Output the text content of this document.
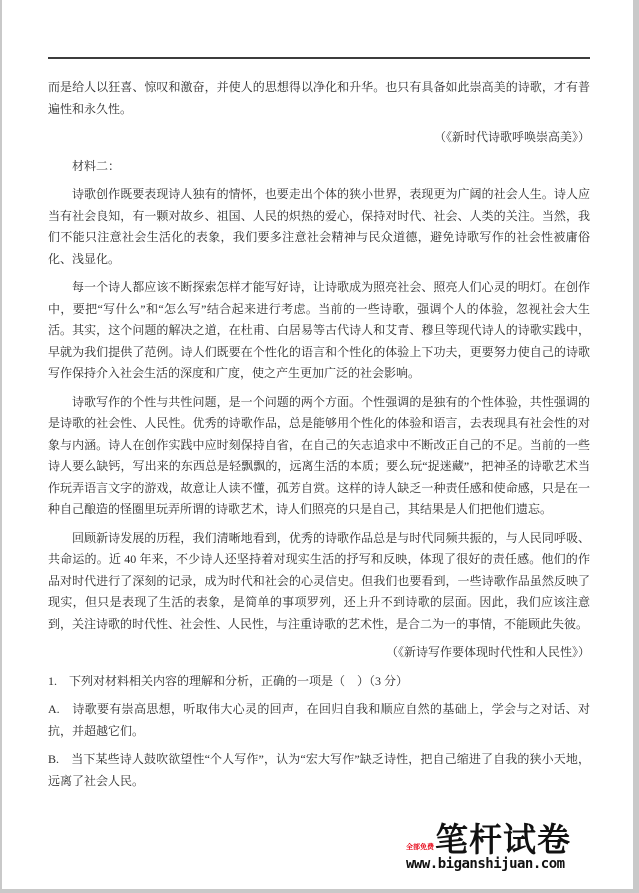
而是给人以狂喜、惊叹和激奋，并使人的思想得以净化和升华。也只有具备如此崇高美的诗歌，才有普遍性和永久性。

（《新时代诗歌呼唤崇高美》）

材料二：

诗歌创作既要表现诗人独有的情怀，也要走出个体的狭小世界，表现更为广阔的社会人生。诗人应当有社会良知，有一颗对故乡、祖国、人民的炽热的爱心，保持对时代、社会、人类的关注。当然，我们不能只注意社会生活化的表象，我们要多注意社会精神与民众道德，避免诗歌写作的社会性被庸俗化、浅显化。

每一个诗人都应该不断探索怎样才能写好诗，让诗歌成为照亮社会、照亮人们心灵的明灯。在创作中，要把“写什么”和“怎么写”结合起来进行考虑。当前的一些诗歌，强调个人的体验，忽视社会大生活。其实，这个问题的解决之道，在杜甫、白居易等古代诗人和艾青、穆旦等现代诗人的诗歌实践中，早就为我们提供了范例。诗人们既要在个性化的语言和个性化的体验上下功夫，更要努力使自己的诗歌写作保持介入社会生活的深度和广度，使之产生更加广泛的社会影响。

诗歌写作的个性与共性问题，是一个问题的两个方面。个性强调的是独有的个性体验，共性强调的是诗歌的社会性、人民性。优秀的诗歌作品，总是能够用个性化的体验和语言，去表现具有社会性的对象与内涵。诗人在创作实践中应时刻保持自省，在自己的矢志追求中不断改正自己的不足。当前的一些诗人要么缺钙，写出来的东西总是轻飘飘的，远离生活的本质；要么玩“捉迷藏”，把神圣的诗歌艺术当作玩弄语言文字的游戏，故意让人读不懂，孤芳自赏。这样的诗人缺乏一种责任感和使命感，只是在一种自己酿造的怪圈里玩弄所谓的诗歌艺术，诗人们照亮的只是自己，其结果是人们把他们遗忘。

回顾新诗发展的历程，我们清晰地看到，优秀的诗歌作品总是与时代同频共振的，与人民同呼吸、共命运的。近 40 年来，不少诗人还坚持着对现实生活的抒写和反映，体现了很好的责任感。他们的作品对时代进行了深刻的记录，成为时代和社会的心灵信史。但我们也要看到，一些诗歌作品虽然反映了现实，但只是表现了生活的表象，是简单的事项罗列，还上升不到诗歌的层面。因此，我们应该注意到，关注诗歌的时代性、社会性、人民性，与注重诗歌的艺术性，是合二为一的事情，不能顾此失彼。

（《新诗写作要体现时代性和人民性》）

1.　下列对材料相关内容的理解和分析，正确的一项是（　）（3 分）

A.　诗歌要有崇高思想，听取伟大心灵的回声，在回归自我和顺应自然的基础上，学会与之对话、对抗，并超越它们。

B.　当下某些诗人鼓吹欲望性“个人写作”，认为“宏大写作”缺乏诗性，把自己缩进了自我的狭小天地，远离了社会人民。

全部免费 笔杆试卷
www.biganshijuan.com
